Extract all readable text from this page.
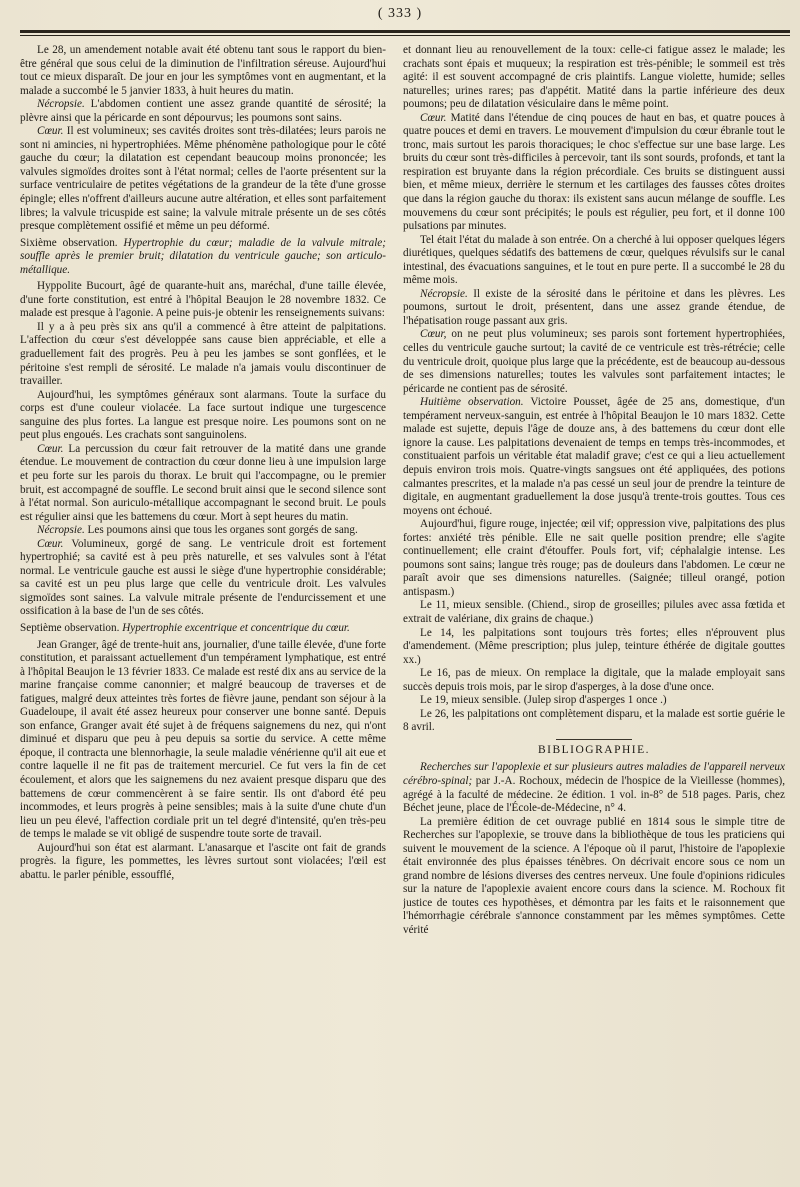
( 333 )

Le 28, un amendement notable avait été obtenu tant sous le rapport du bien-être général que sous celui de la diminution de l'infiltration séreuse. Aujourd'hui tout ce mieux disparaît. De jour en jour les symptômes vont en augmentant, et la malade a succombé le 5 janvier 1833, à huit heures du matin.

Nécropsie. L'abdomen contient une assez grande quantité de sérosité; la plèvre ainsi que la péricarde en sont dépourvus; les poumons sont sains.

Cœur. Il est volumineux; ses cavités droites sont très-dilatées; leurs parois ne sont ni amincies, ni hypertrophiées. Même phénomène pathologique pour le côté gauche du cœur; la dilatation est cependant beaucoup moins prononcée; les valvules sigmoïdes droites sont à l'état normal; celles de l'aorte présentent sur la surface ventriculaire de petites végétations de la grandeur de la tête d'une grosse épingle; elles n'offrent d'ailleurs aucune autre altération, et elles sont parfaitement libres; la valvule tricuspide est saine; la valvule mitrale présente un de ses côtés presque complètement ossifié et même un peu déformé.

Sixième observation. Hypertrophie du cœur; maladie de la valvule mitrale; souffle après le premier bruit; dilatation du ventricule gauche; son articulo-métallique.

Hyppolite Bucourt, âgé de quarante-huit ans, maréchal, d'une taille élevée, d'une forte constitution, est entré à l'hôpital Beaujon le 28 novembre 1832. Ce malade est presque à l'agonie. A peine puis-je obtenir les renseignements suivans:

Il y a à peu près six ans qu'il a commencé à être atteint de palpitations. L'affection du cœur s'est développée sans cause bien appréciable, et elle a graduellement fait des progrès. Peu à peu les jambes se sont gonflées, et le péritoine s'est rempli de sérosité. Le malade n'a jamais voulu discontinuer de travailler.

Aujourd'hui, les symptômes généraux sont alarmans. Toute la surface du corps est d'une couleur violacée. La face surtout indique une turgescence sanguine des plus fortes. La langue est presque noire. Les poumons sont on ne peut plus engoués. Les crachats sont sanguinolens.

Cœur. La percussion du cœur fait retrouver de la matité dans une grande étendue. Le mouvement de contraction du cœur donne lieu à une impulsion large et peu forte sur les parois du thorax. Le bruit qui l'accompagne, ou le premier bruit, est accompagné de souffle. Le second bruit ainsi que le second silence sont à l'état normal. Son auriculo-métallique accompagnant le second bruit. Le pouls est régulier ainsi que les battemens du cœur. Mort à sept heures du matin.

Nécropsie. Les poumons ainsi que tous les organes sont gorgés de sang.

Cœur. Volumineux, gorgé de sang. Le ventricule droit est fortement hypertrophié; sa cavité est à peu près naturelle, et ses valvules sont à l'état normal. Le ventricule gauche est aussi le siège d'une hypertrophie considérable; sa cavité est un peu plus large que celle du ventricule droit. Les valvules sigmoïdes sont saines. La valvule mitrale présente de l'endurcissement et une ossification à la base de l'un de ses côtés.

Septième observation. Hypertrophie excentrique et concentrique du cœur.

Jean Granger, âgé de trente-huit ans, journalier, d'une taille élevée, d'une forte constitution, et paraissant actuellement d'un tempérament lymphatique, est entré à l'hôpital Beaujon le 13 février 1833. Ce malade est resté dix ans au service de la marine française comme canonnier; et malgré beaucoup de traverses et de fatigues, malgré deux atteintes très fortes de fièvre jaune, pendant son séjour à la Guadeloupe, il avait été assez heureux pour conserver une bonne santé. Depuis son enfance, Granger avait été sujet à de fréquens saignemens du nez, qui n'ont diminué et disparu que peu à peu depuis sa sortie du service. A cette même époque, il contracta une blennorhagie, la seule maladie vénérienne qu'il ait eue et contre laquelle il ne fit pas de traitement mercuriel. Ce fut vers la fin de cet écoulement, et alors que les saignemens du nez avaient presque disparu que des battemens de cœur commencèrent à se faire sentir. Ils ont d'abord été peu incommodes, et leurs progrès à peine sensibles; mais à la suite d'une chute d'un lieu un peu élevé, l'affection cordiale prit un tel degré d'intensité, qu'en très-peu de temps le malade se vit obligé de suspendre toute sorte de travail.

Aujourd'hui son état est alarmant. L'anasarque et l'ascite ont fait de grands progrès. la figure, les pommettes, les lèvres surtout sont violacées; l'œil est abattu. le parler pénible, essoufflé,

et donnant lieu au renouvellement de la toux: celle-ci fatigue assez le malade; les crachats sont épais et muqueux; la respiration est très-pénible; le sommeil est très agité: il est souvent accompagné de cris plaintifs. Langue violette, humide; selles naturelles; urines rares; pas d'appétit. Matité dans la partie inférieure des deux poumons; peu de dilatation vésiculaire dans le même point.

Cœur. Matité dans l'étendue de cinq pouces de haut en bas, et quatre pouces à quatre pouces et demi en travers. Le mouvement d'impulsion du cœur ébranle tout le tronc, mais surtout les parois thoraciques; le choc s'effectue sur une base large. Les bruits du cœur sont très-difficiles à percevoir, tant ils sont sourds, profonds, et tant la respiration est bruyante dans la région précordiale. Ces bruits se distinguent aussi bien, et même mieux, derrière le sternum et les cartilages des fausses côtes droites que dans la région gauche du thorax: ils existent sans aucun mélange de souffle. Les mouvemens du cœur sont précipités; le pouls est régulier, peu fort, et il donne 100 pulsations par minutes.

Tel était l'état du malade à son entrée. On a cherché à lui opposer quelques légers diurétiques, quelques sédatifs des battemens de cœur, quelques révulsifs sur le canal intestinal, des évacuations sanguines, et le tout en pure perte. Il a succombé le 28 du même mois.

Nécropsie. Il existe de la sérosité dans le péritoine et dans les plèvres. Les poumons, surtout le droit, présentent, dans une assez grande étendue, de l'hépatisation rouge passant aux gris.

Cœur, on ne peut plus volumineux; ses parois sont fortement hypertrophiées, celles du ventricule gauche surtout; la cavité de ce ventricule est très-rétrécie; celle du ventricule droit, quoique plus large que la précédente, est de beaucoup au-dessous de ses dimensions naturelles; toutes les valvules sont parfaitement intactes; le péricarde ne contient pas de sérosité.

Huitième observation. Victoire Pousset, âgée de 25 ans, domestique, d'un tempérament nerveux-sanguin, est entrée à l'hôpital Beaujon le 10 mars 1832. Cette malade est sujette, depuis l'âge de douze ans, à des battemens du cœur dont elle ignore la cause. Les palpitations devenaient de temps en temps très-incommodes, et constituaient parfois un véritable état maladif grave; c'est ce qui a lieu actuellement depuis environ trois mois. Quatre-vingts sangsues ont été appliquées, des potions calmantes prescrites, et la malade n'a pas cessé un seul jour de prendre la teinture de digitale, en augmentant graduellement la dose jusqu'à trente-trois gouttes. Tous ces moyens ont échoué.

Aujourd'hui, figure rouge, injectée; œil vif; oppression vive, palpitations des plus fortes: anxiété très pénible. Elle ne sait quelle position prendre; elle s'agite continuellement; elle craint d'étouffer. Pouls fort, vif; céphalalgie intense. Les poumons sont sains; langue très rouge; pas de douleurs dans l'abdomen. Le cœur ne paraît avoir que ses dimensions naturelles. (Saignée; tilleul orangé, potion antispasm.)

Le 11, mieux sensible. (Chiend., sirop de groseilles; pilules avec assa fœtida et extrait de valériane, dix grains de chaque.)

Le 14, les palpitations sont toujours très fortes; elles n'éprouvent plus d'amendement. (Même prescription; plus julep, teinture éthérée de digitale gouttes xx.)

Le 16, pas de mieux. On remplace la digitale, que la malade employait sans succès depuis trois mois, par le sirop d'asperges, à la dose d'une once.

Le 19, mieux sensible. (Julep sirop d'asperges 1 once .)

Le 26, les palpitations ont complètement disparu, et la malade est sortie guérie le 8 avril.

BIBLIOGRAPHIE.

Recherches sur l'apoplexie et sur plusieurs autres maladies de l'appareil nerveux cérébro-spinal; par J.-A. Rochoux, médecin de l'hospice de la Vieillesse (hommes), agrégé à la faculté de médecine. 2e édition. 1 vol. in-8° de 518 pages. Paris, chez Béchet jeune, place de l'École-de-Médecine, n° 4.

La première édition de cet ouvrage publié en 1814 sous le simple titre de Recherches sur l'apoplexie, se trouve dans la bibliothèque de tous les praticiens qui suivent le mouvement de la science. A l'époque où il parut, l'histoire de l'apoplexie était environnée des plus épaisses ténèbres. On décrivait encore sous ce nom un grand nombre de lésions diverses des centres nerveux. Une foule d'opinions ridicules sur la nature de l'apoplexie avaient encore cours dans la science. M. Rochoux fit justice de toutes ces hypothèses, et démontra par les faits et le raisonnement que l'hémorrhagie cérébrale s'annonce constamment par les mêmes symptômes. Cette vérité
